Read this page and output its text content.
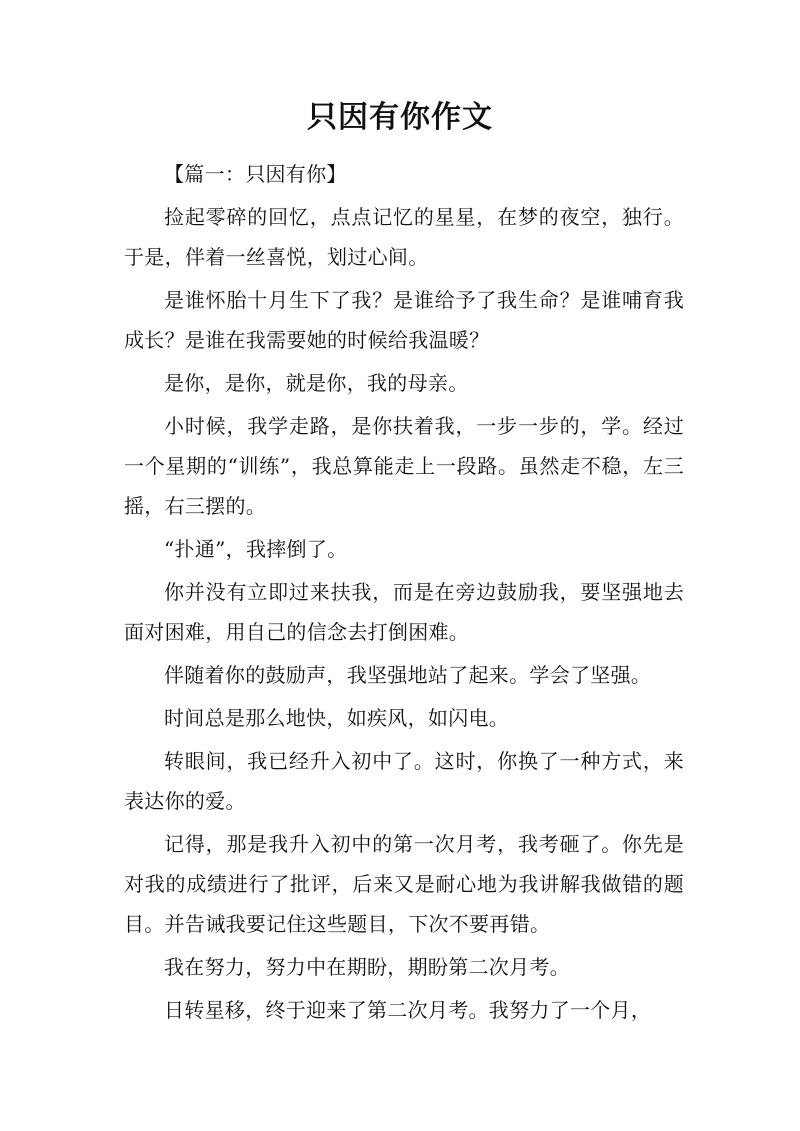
只因有你作文

【篇一：只因有你】

捡起零碎的回忆，点点记忆的星星，在梦的夜空，独行。于是，伴着一丝喜悦，划过心间。

是谁怀胎十月生下了我？是谁给予了我生命？是谁哺育我成长？是谁在我需要她的时候给我温暖？

是你，是你，就是你，我的母亲。

小时候，我学走路，是你扶着我，一步一步的，学。经过一个星期的“训练”，我总算能走上一段路。虽然走不稳，左三摇，右三摆的。

“扑通”，我摔倒了。

你并没有立即过来扶我，而是在旁边鼓励我，要坚强地去面对困难，用自己的信念去打倒困难。

伴随着你的鼓励声，我坚强地站了起来。学会了坚强。

时间总是那么地快，如疾风，如闪电。

转眼间，我已经升入初中了。这时，你换了一种方式，来表达你的爱。

记得，那是我升入初中的第一次月考，我考砸了。你先是对我的成绩进行了批评，后来又是耐心地为我讲解我做错的题目。并告诫我要记住这些题目，下次不要再错。

我在努力，努力中在期盼，期盼第二次月考。

日转星移，终于迎来了第二次月考。我努力了一个月，
